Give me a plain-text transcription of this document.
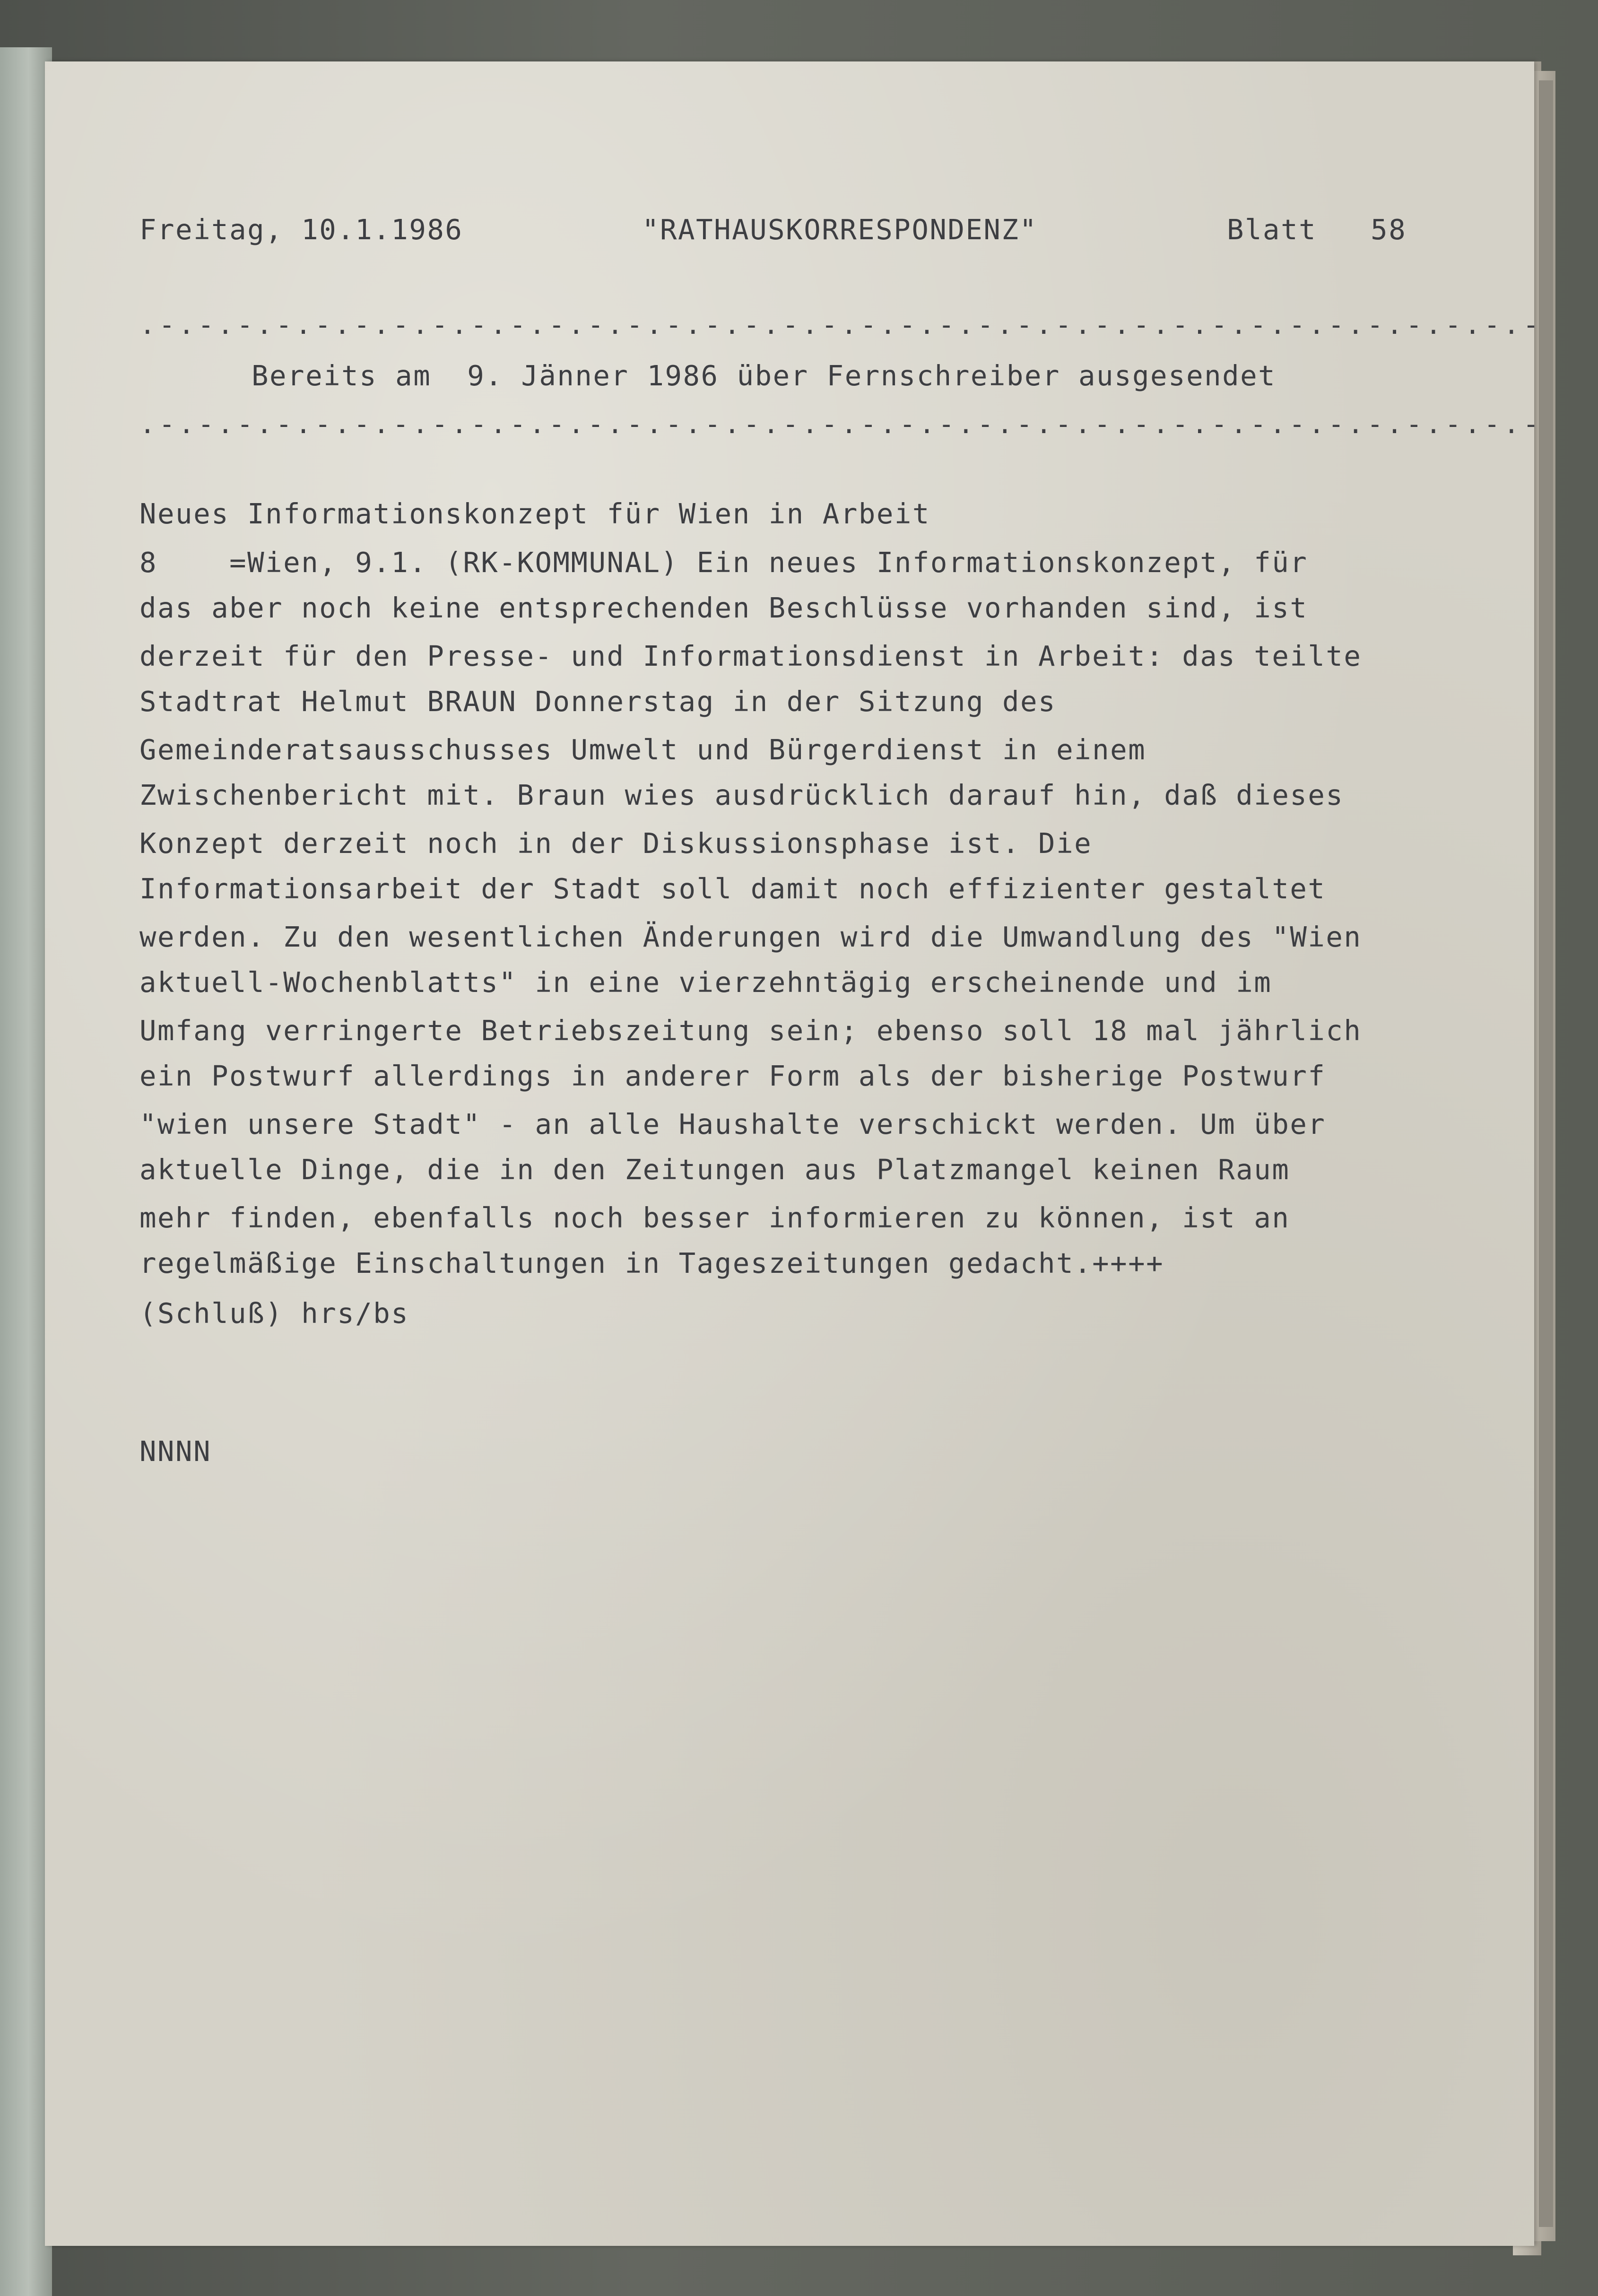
Freitag, 10.1.1986	"RATHAUSKORRESPONDENZ"	Blatt   58
.-.-.-.-.-.-.-.-.-.-.-.-.-.-.-.-.-.-.-.-.-.-.-.-.-.-.-.-.-.-.-.-.-.-.-.-
Bereits am  9. Jänner 1986 über Fernschreiber ausgesendet
.-.-.-.-.-.-.-.-.-.-.-.-.-.-.-.-.-.-.-.-.-.-.-.-.-.-.-.-.-.-.-.-.-.-.-.-
Neues Informationskonzept für Wien in Arbeit
8    =Wien, 9.1. (RK-KOMMUNAL) Ein neues Informationskonzept, für
das aber noch keine entsprechenden Beschlüsse vorhanden sind, ist
derzeit für den Presse- und Informationsdienst in Arbeit: das teilte
Stadtrat Helmut BRAUN Donnerstag in der Sitzung des
Gemeinderatsausschusses Umwelt und Bürgerdienst in einem
Zwischenbericht mit. Braun wies ausdrücklich darauf hin, daß dieses
Konzept derzeit noch in der Diskussionsphase ist. Die
Informationsarbeit der Stadt soll damit noch effizienter gestaltet
werden. Zu den wesentlichen Änderungen wird die Umwandlung des "Wien
aktuell-Wochenblatts" in eine vierzehntägig erscheinende und im
Umfang verringerte Betriebszeitung sein; ebenso soll 18 mal jährlich
ein Postwurf allerdings in anderer Form als der bisherige Postwurf
"wien unsere Stadt" - an alle Haushalte verschickt werden. Um über
aktuelle Dinge, die in den Zeitungen aus Platzmangel keinen Raum
mehr finden, ebenfalls noch besser informieren zu können, ist an
regelmäßige Einschaltungen in Tageszeitungen gedacht.++++
(Schluß) hrs/bs
NNNN
